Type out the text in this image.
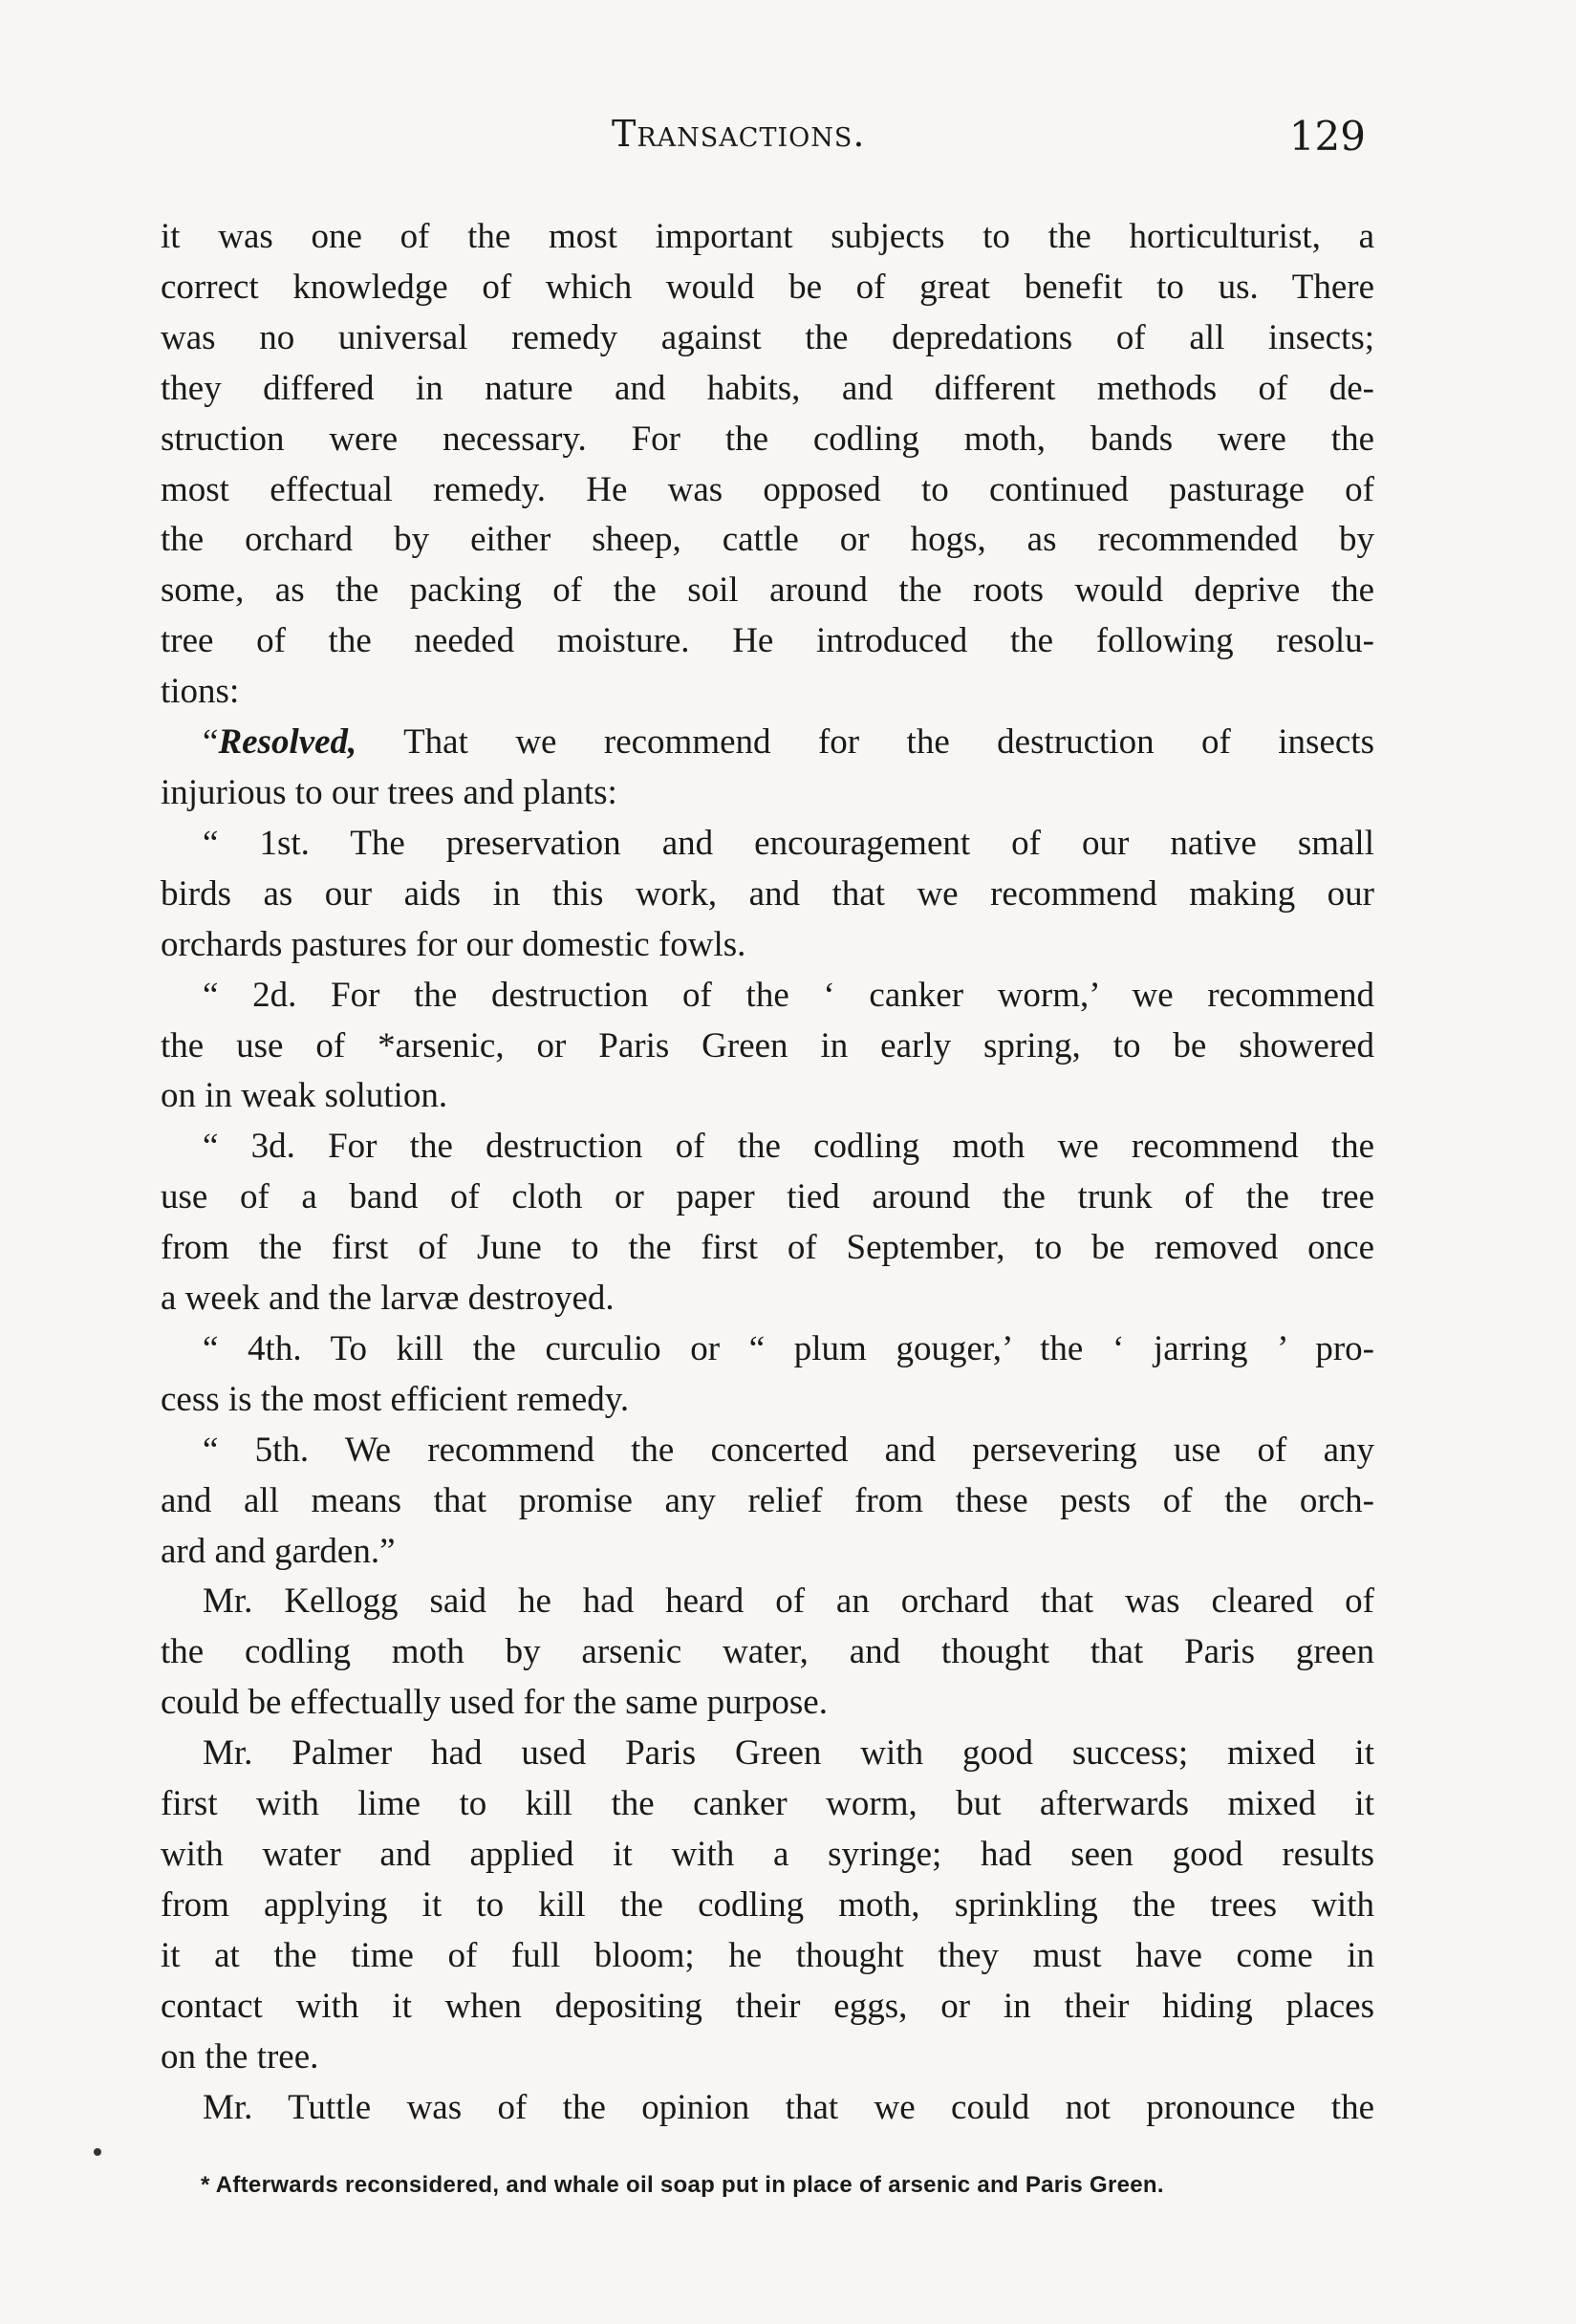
Transactions.	129
it was one of the most important subjects to the horticulturist, a
correct knowledge of which would be of great benefit to us. There
was no universal remedy against the depredations of all insects;
they differed in nature and habits, and different methods of de-
struction were necessary. For the codling moth, bands were the
most effectual remedy. He was opposed to continued pasturage of
the orchard by either sheep, cattle or hogs, as recommended by
some, as the packing of the soil around the roots would deprive the
tree of the needed moisture. He introduced the following resolu-
tions:
“Resolved, That we recommend for the destruction of insects
injurious to our trees and plants:
“ 1st. The preservation and encouragement of our native small
birds as our aids in this work, and that we recommend making our
orchards pastures for our domestic fowls.
“ 2d. For the destruction of the ‘ canker worm,’ we recommend
the use of *arsenic, or Paris Green in early spring, to be showered
on in weak solution.
“ 3d. For the destruction of the codling moth we recommend the
use of a band of cloth or paper tied around the trunk of the tree
from the first of June to the first of September, to be removed once
a week and the larvæ destroyed.
“ 4th. To kill the curculio or “ plum gouger,’ the ‘ jarring ’ pro-
cess is the most efficient remedy.
“ 5th. We recommend the concerted and persevering use of any
and all means that promise any relief from these pests of the orch-
ard and garden.”
Mr. Kellogg said he had heard of an orchard that was cleared of
the codling moth by arsenic water, and thought that Paris green
could be effectually used for the same purpose.
Mr. Palmer had used Paris Green with good success; mixed it
first with lime to kill the canker worm, but afterwards mixed it
with water and applied it with a syringe; had seen good results
from applying it to kill the codling moth, sprinkling the trees with
it at the time of full bloom; he thought they must have come in
contact with it when depositing their eggs, or in their hiding places
on the tree.
Mr. Tuttle was of the opinion that we could not pronounce the
* Afterwards reconsidered, and whale oil soap put in place of arsenic and Paris Green.
